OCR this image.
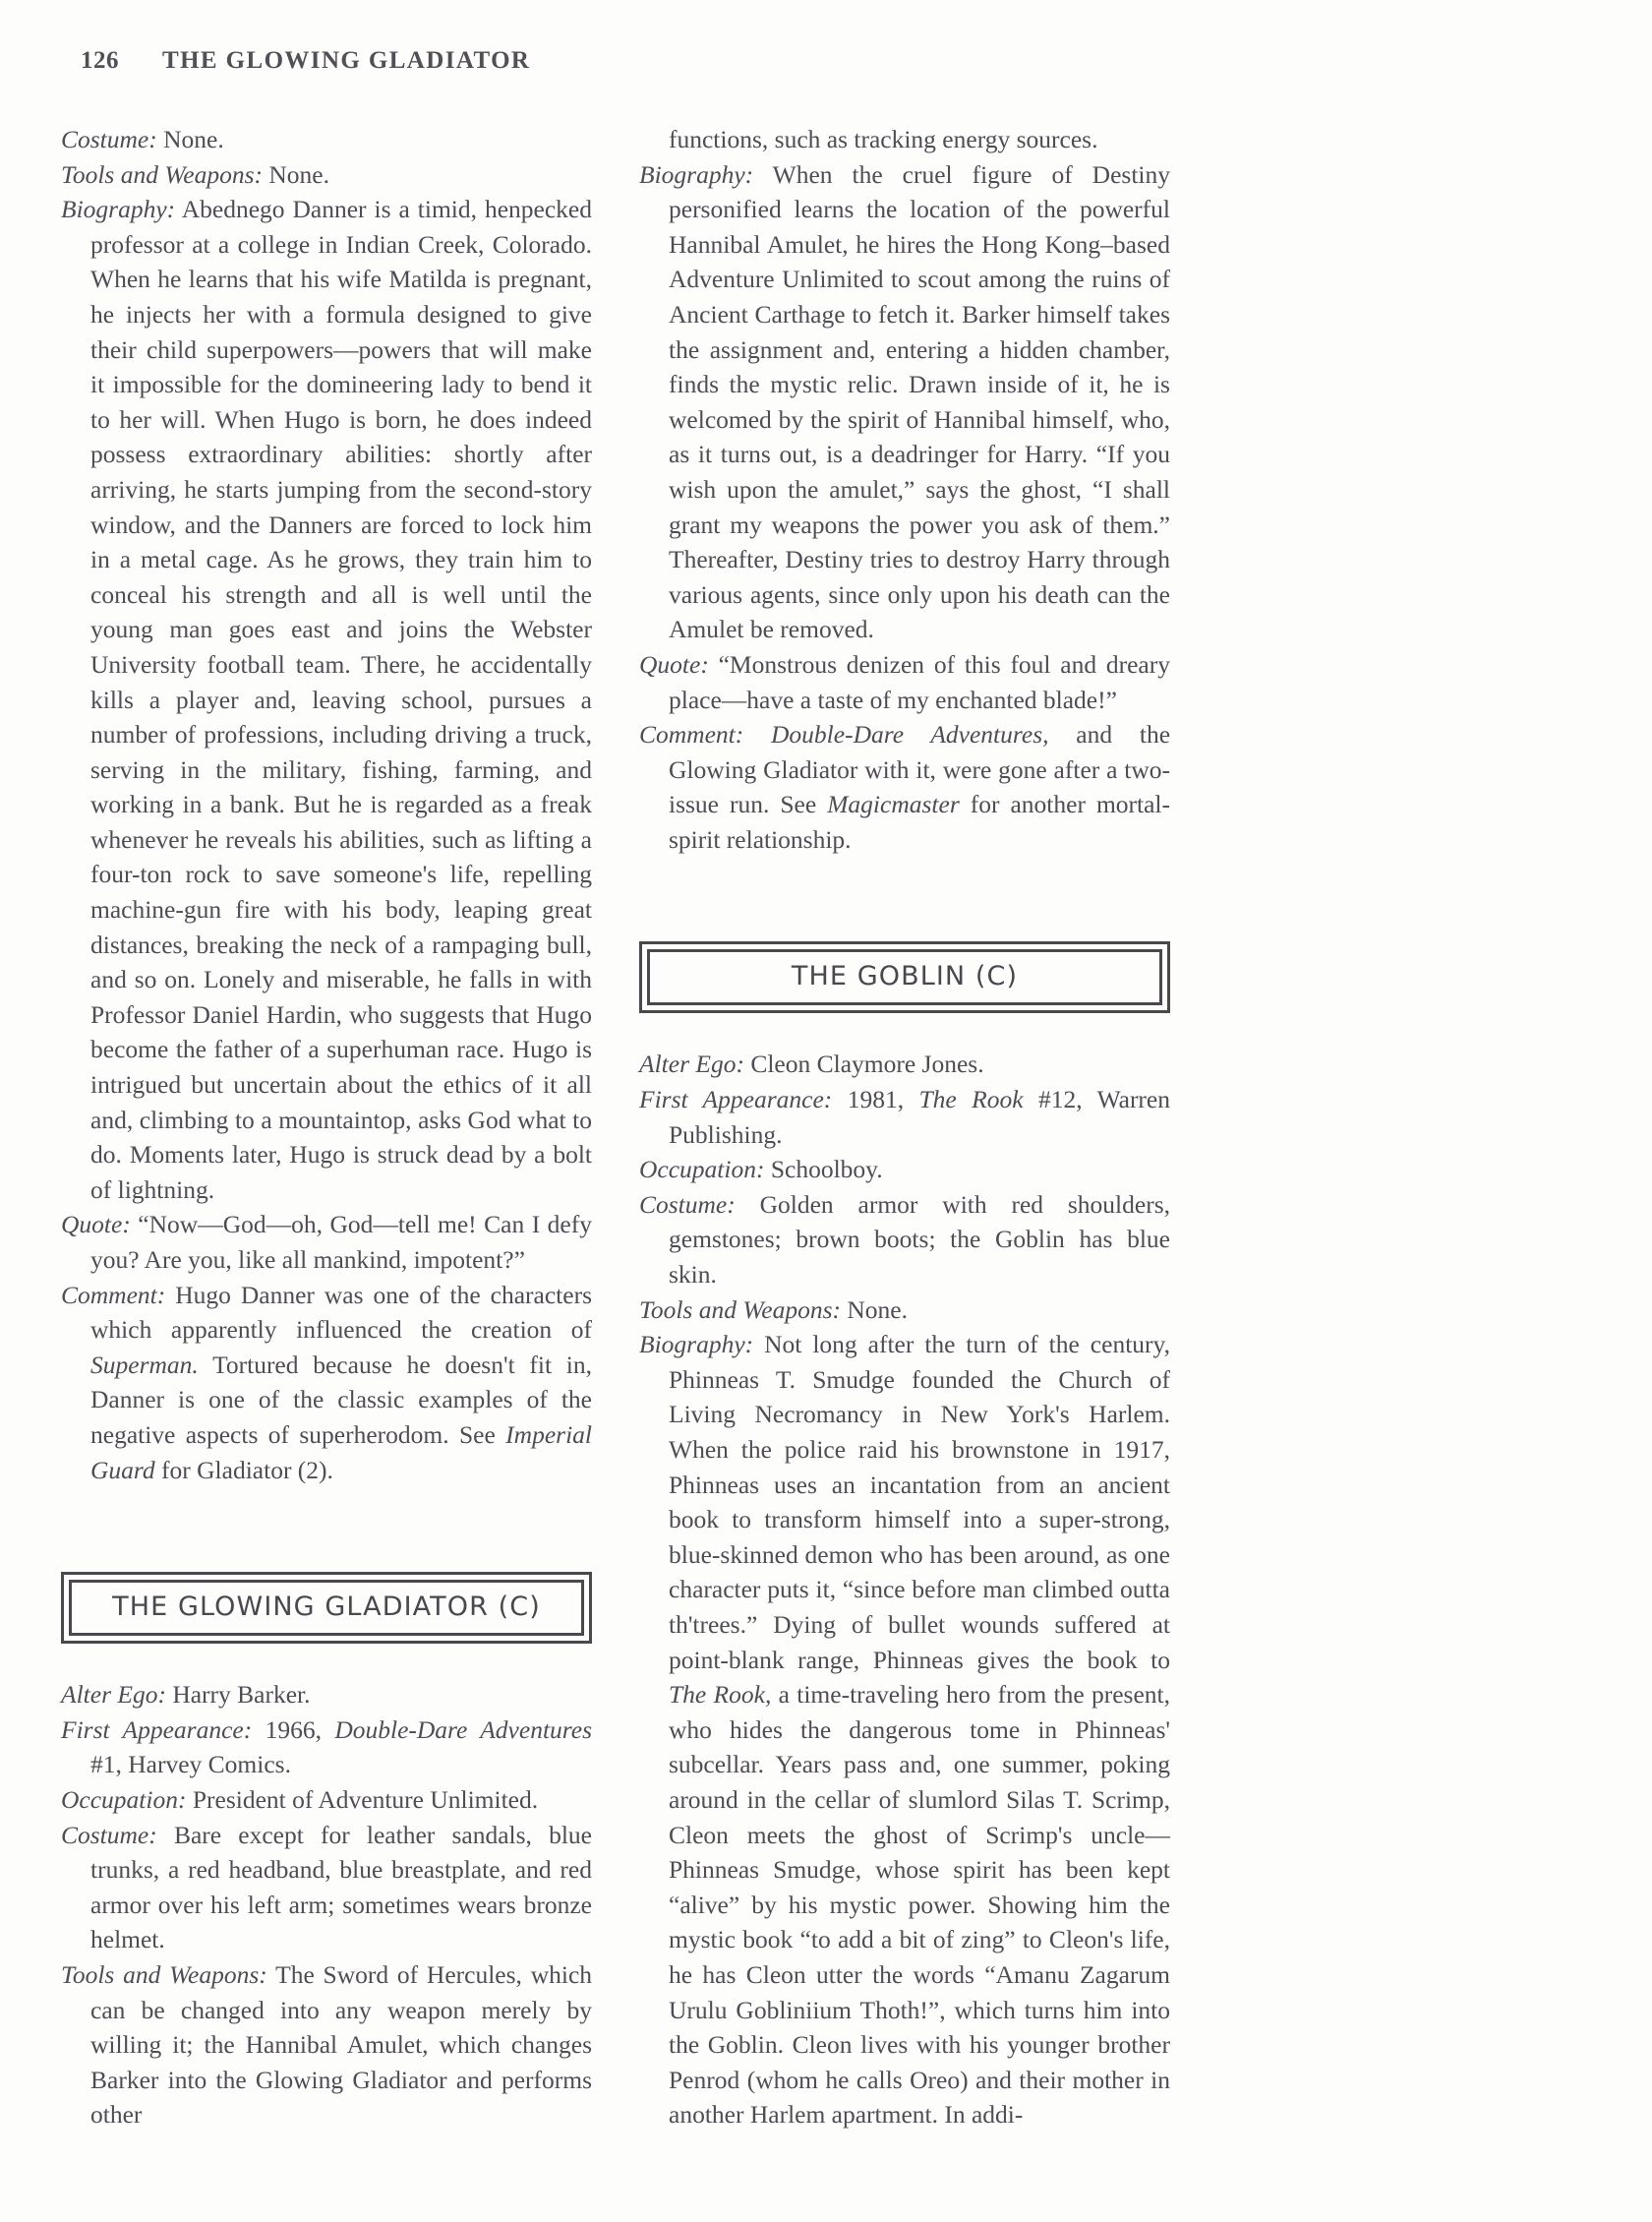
126 THE GLOWING GLADIATOR

Costume: None.

Tools and Weapons: None.

Biography: Abednego Danner is a timid, henpecked professor at a college in Indian Creek, Colorado. When he learns that his wife Matilda is pregnant, he injects her with a formula designed to give their child superpowers—powers that will make it impossible for the domineering lady to bend it to her will. When Hugo is born, he does indeed possess extraordinary abilities: shortly after arriving, he starts jumping from the second-story window, and the Danners are forced to lock him in a metal cage. As he grows, they train him to conceal his strength and all is well until the young man goes east and joins the Webster University football team. There, he accidentally kills a player and, leaving school, pursues a number of professions, including driving a truck, serving in the military, fishing, farming, and working in a bank. But he is regarded as a freak whenever he reveals his abilities, such as lifting a four-ton rock to save someone's life, repelling machine-gun fire with his body, leaping great distances, breaking the neck of a rampaging bull, and so on. Lonely and miserable, he falls in with Professor Daniel Hardin, who suggests that Hugo become the father of a superhuman race. Hugo is intrigued but uncertain about the ethics of it all and, climbing to a mountaintop, asks God what to do. Moments later, Hugo is struck dead by a bolt of lightning.

Quote: “Now—God—oh, God—tell me! Can I defy you? Are you, like all mankind, impotent?”

Comment: Hugo Danner was one of the characters which apparently influenced the creation of Superman. Tortured because he doesn't fit in, Danner is one of the classic examples of the negative aspects of superherodom. See Imperial Guard for Gladiator (2).

THE GLOWING GLADIATOR (C)

Alter Ego: Harry Barker.

First Appearance: 1966, Double-Dare Adventures #1, Harvey Comics.

Occupation: President of Adventure Unlimited.

Costume: Bare except for leather sandals, blue trunks, a red headband, blue breastplate, and red armor over his left arm; sometimes wears bronze helmet.

Tools and Weapons: The Sword of Hercules, which can be changed into any weapon merely by willing it; the Hannibal Amulet, which changes Barker into the Glowing Gladiator and performs other

functions, such as tracking energy sources.

Biography: When the cruel figure of Destiny personified learns the location of the powerful Hannibal Amulet, he hires the Hong Kong–based Adventure Unlimited to scout among the ruins of Ancient Carthage to fetch it. Barker himself takes the assignment and, entering a hidden chamber, finds the mystic relic. Drawn inside of it, he is welcomed by the spirit of Hannibal himself, who, as it turns out, is a deadringer for Harry. “If you wish upon the amulet,” says the ghost, “I shall grant my weapons the power you ask of them.” Thereafter, Destiny tries to destroy Harry through various agents, since only upon his death can the Amulet be removed.

Quote: “Monstrous denizen of this foul and dreary place—have a taste of my enchanted blade!”

Comment: Double-Dare Adventures, and the Glowing Gladiator with it, were gone after a two-issue run. See Magicmaster for another mortal-spirit relationship.

THE GOBLIN (C)

Alter Ego: Cleon Claymore Jones.

First Appearance: 1981, The Rook #12, Warren Publishing.

Occupation: Schoolboy.

Costume: Golden armor with red shoulders, gemstones; brown boots; the Goblin has blue skin.

Tools and Weapons: None.

Biography: Not long after the turn of the century, Phinneas T. Smudge founded the Church of Living Necromancy in New York's Harlem. When the police raid his brownstone in 1917, Phinneas uses an incantation from an ancient book to transform himself into a super-strong, blue-skinned demon who has been around, as one character puts it, “since before man climbed outta th'trees.” Dying of bullet wounds suffered at point-blank range, Phinneas gives the book to The Rook, a time-traveling hero from the present, who hides the dangerous tome in Phinneas' subcellar. Years pass and, one summer, poking around in the cellar of slumlord Silas T. Scrimp, Cleon meets the ghost of Scrimp's uncle—Phinneas Smudge, whose spirit has been kept “alive” by his mystic power. Showing him the mystic book “to add a bit of zing” to Cleon's life, he has Cleon utter the words “Amanu Zagarum Urulu Gobliniium Thoth!”, which turns him into the Goblin. Cleon lives with his younger brother Penrod (whom he calls Oreo) and their mother in another Harlem apartment. In addi-
